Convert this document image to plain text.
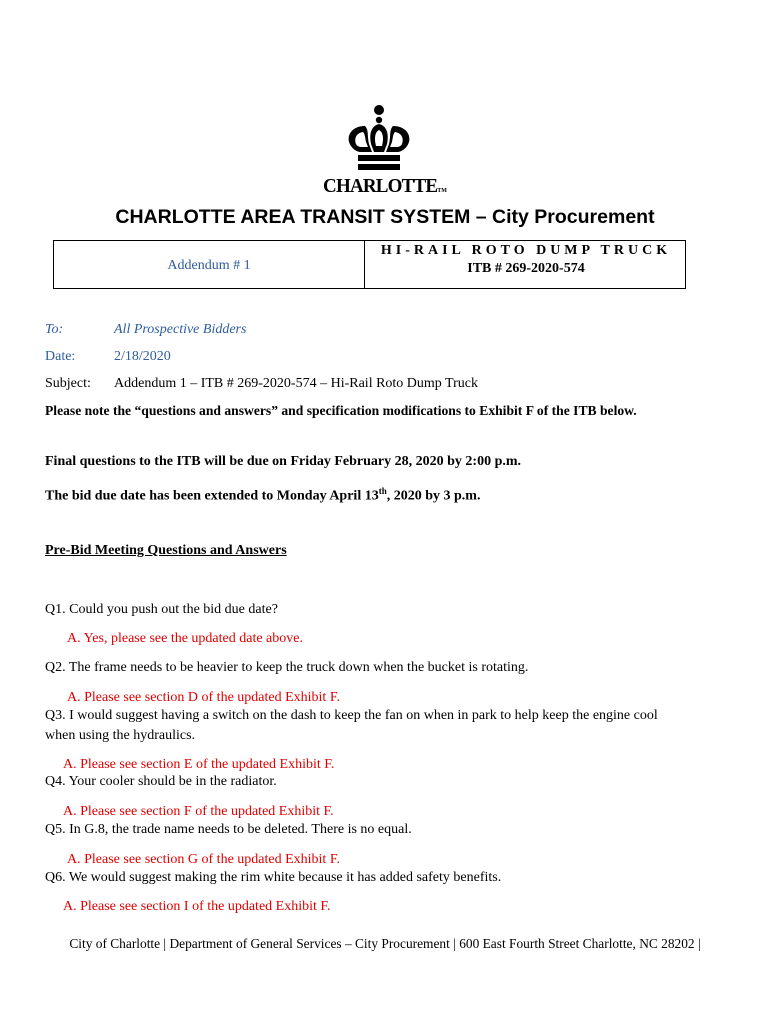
CHARLOTTETM
CHARLOTTE AREA TRANSIT SYSTEM – City Procurement
Addendum # 1
HI-RAIL ROTO DUMP TRUCK
ITB # 269-2020-574
To:	All Prospective Bidders
Date:	2/18/2020
Subject: Addendum 1 – ITB # 269-2020-574 – Hi-Rail Roto Dump Truck
Please note the “questions and answers” and specification modifications to Exhibit F of the ITB below.
Final questions to the ITB will be due on Friday February 28, 2020 by 2:00 p.m.
The bid due date has been extended to Monday April 13th, 2020 by 3 p.m.
Pre-Bid Meeting Questions and Answers
Q1. Could you push out the bid due date?
A. Yes, please see the updated date above.
Q2. The frame needs to be heavier to keep the truck down when the bucket is rotating.
A. Please see section D of the updated Exhibit F.
Q3. I would suggest having a switch on the dash to keep the fan on when in park to help keep the engine cool
when using the hydraulics.
A. Please see section E of the updated Exhibit F.
Q4. Your cooler should be in the radiator.
A. Please see section F of the updated Exhibit F.
Q5. In G.8, the trade name needs to be deleted. There is no equal.
A. Please see section G of the updated Exhibit F.
Q6. We would suggest making the rim white because it has added safety benefits.
A. Please see section I of the updated Exhibit F.
City of Charlotte | Department of General Services – City Procurement | 600 East Fourth Street Charlotte, NC 28202 |
